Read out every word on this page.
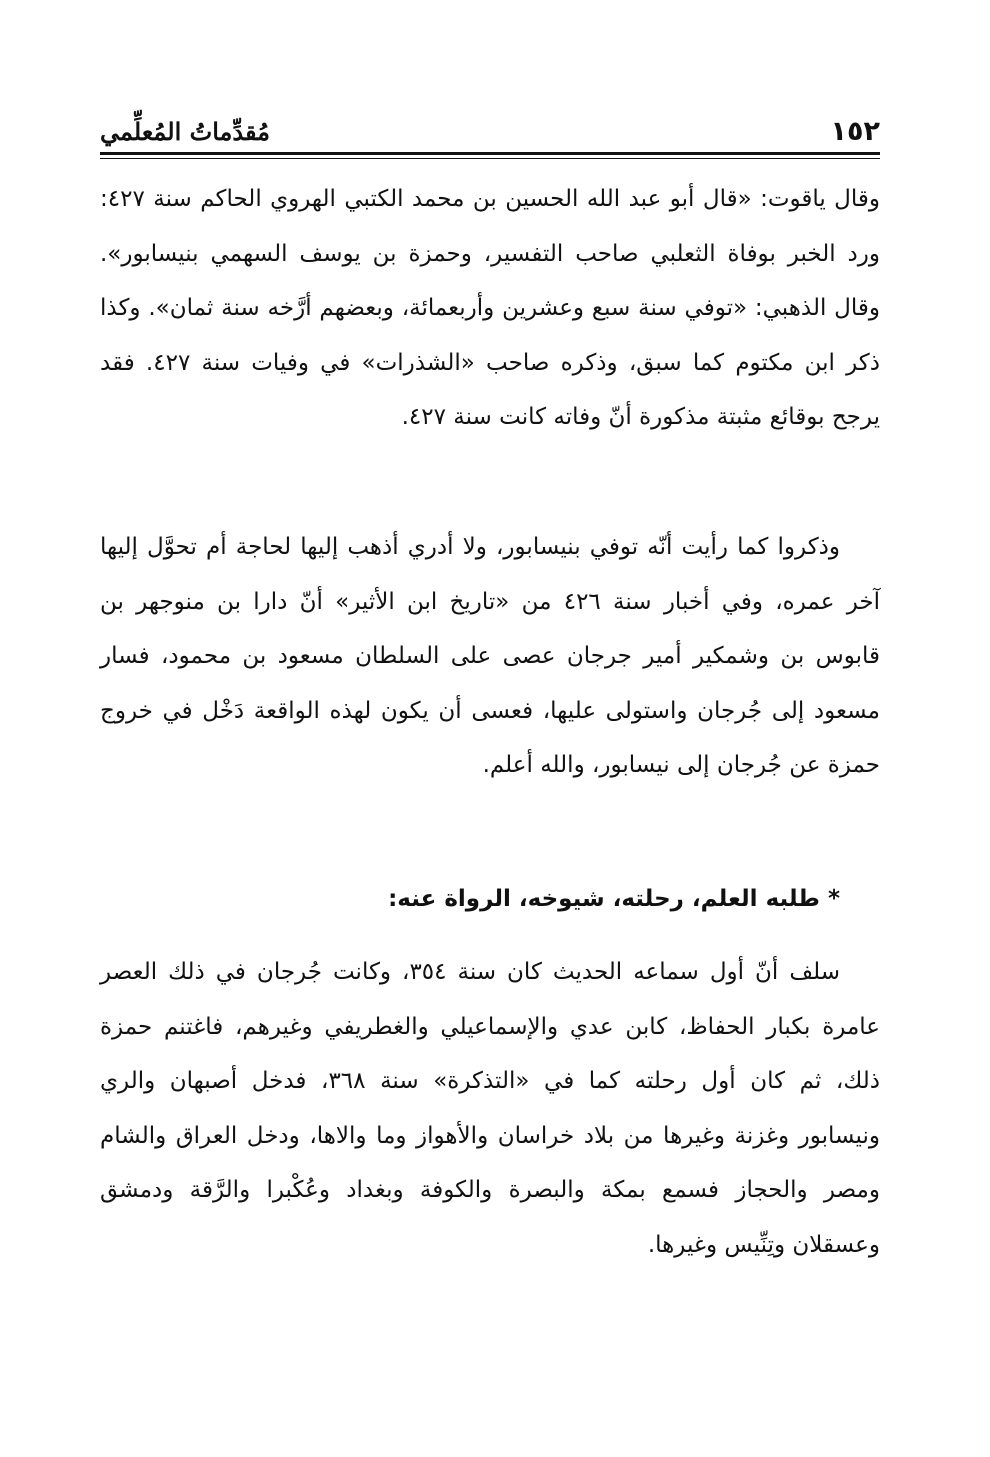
١٥٢
مُقدِّماتُ المُعلِّمي

وقال ياقوت: «قال أبو عبد الله الحسين بن محمد الكتبي الهروي الحاكم سنة ٤٢٧: ورد الخبر بوفاة الثعلبي صاحب التفسير، وحمزة بن يوسف السهمي بنيسابور». وقال الذهبي: «توفي سنة سبع وعشرين وأربعمائة، وبعضهم أرَّخه سنة ثمان». وكذا ذكر ابن مكتوم كما سبق، وذكره صاحب «الشذرات» في وفيات سنة ٤٢٧. فقد يرجح بوقائع مثبتة مذكورة أنّ وفاته كانت سنة ٤٢٧.

وذكروا كما رأيت أنّه توفي بنيسابور، ولا أدري أذهب إليها لحاجة أم تحوَّل إليها آخر عمره، وفي أخبار سنة ٤٢٦ من «تاريخ ابن الأثير» أنّ دارا بن منوجهر بن قابوس بن وشمكير أمير جرجان عصى على السلطان مسعود بن محمود، فسار مسعود إلى جُرجان واستولى عليها، فعسى أن يكون لهذه الواقعة دَخْل في خروج حمزة عن جُرجان إلى نيسابور، والله أعلم.

* طلبه العلم، رحلته، شيوخه، الرواة عنه:

سلف أنّ أول سماعه الحديث كان سنة ٣٥٤، وكانت جُرجان في ذلك العصر عامرة بكبار الحفاظ، كابن عدي والإسماعيلي والغطريفي وغيرهم، فاغتنم حمزة ذلك، ثم كان أول رحلته كما في «التذكرة» سنة ٣٦٨، فدخل أصبهان والري ونيسابور وغزنة وغيرها من بلاد خراسان والأهواز وما والاها، ودخل العراق والشام ومصر والحجاز فسمع بمكة والبصرة والكوفة وبغداد وعُكْبرا والرَّقة ودمشق وعسقلان وتِنِّيس وغيرها.
